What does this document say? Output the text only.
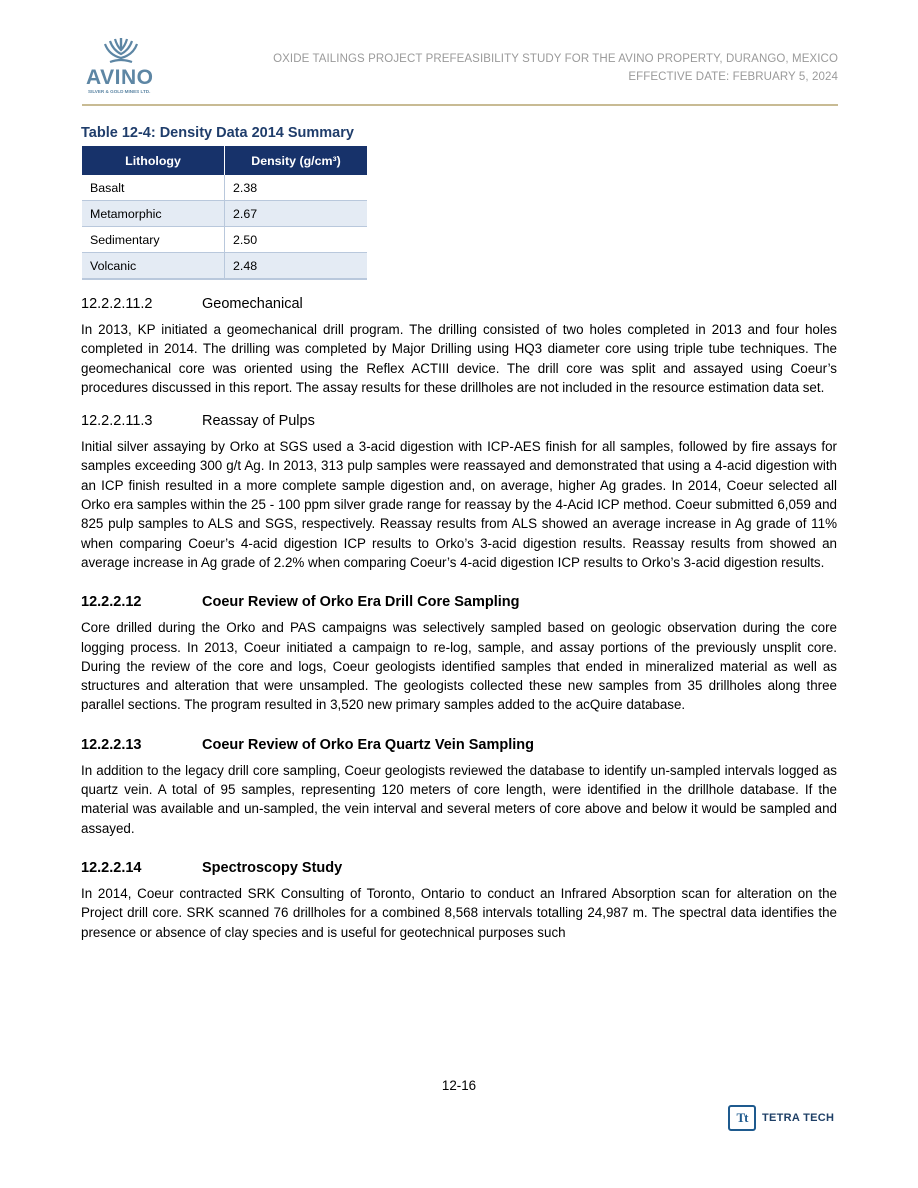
AVINO
SILVER & GOLD MINES LTD.
OXIDE TAILINGS PROJECT PREFEASIBILITY STUDY FOR THE AVINO PROPERTY, DURANGO, MEXICO
EFFECTIVE DATE: FEBRUARY 5, 2024
Table 12-4: Density Data 2014 Summary
Lithology	Density (g/cm³)
Basalt	2.38
Metamorphic	2.67
Sedimentary	2.50
Volcanic	2.48
12.2.2.11.2	Geomechanical

In 2013, KP initiated a geomechanical drill program. The drilling consisted of two holes completed in 2013 and four holes completed in 2014. The drilling was completed by Major Drilling using HQ3 diameter core using triple tube techniques. The geomechanical core was oriented using the Reflex ACTIII device. The drill core was split and assayed using Coeur’s procedures discussed in this report. The assay results for these drillholes are not included in the resource estimation data set.

12.2.2.11.3	Reassay of Pulps

Initial silver assaying by Orko at SGS used a 3-acid digestion with ICP-AES finish for all samples, followed by fire assays for samples exceeding 300 g/t Ag. In 2013, 313 pulp samples were reassayed and demonstrated that using a 4-acid digestion with an ICP finish resulted in a more complete sample digestion and, on average, higher Ag grades. In 2014, Coeur selected all Orko era samples within the 25 - 100 ppm silver grade range for reassay by the 4-Acid ICP method. Coeur submitted 6,059 and 825 pulp samples to ALS and SGS, respectively. Reassay results from ALS showed an average increase in Ag grade of 11% when comparing Coeur’s 4-acid digestion ICP results to Orko’s 3-acid digestion results. Reassay results from showed an average increase in Ag grade of 2.2% when comparing Coeur’s 4-acid digestion ICP results to Orko’s 3-acid digestion results.

12.2.2.12	Coeur Review of Orko Era Drill Core Sampling

Core drilled during the Orko and PAS campaigns was selectively sampled based on geologic observation during the core logging process. In 2013, Coeur initiated a campaign to re-log, sample, and assay portions of the previously unsplit core. During the review of the core and logs, Coeur geologists identified samples that ended in mineralized material as well as structures and alteration that were unsampled. The geologists collected these new samples from 35 drillholes along three parallel sections. The program resulted in 3,520 new primary samples added to the acQuire database.

12.2.2.13	Coeur Review of Orko Era Quartz Vein Sampling

In addition to the legacy drill core sampling, Coeur geologists reviewed the database to identify un-sampled intervals logged as quartz vein. A total of 95 samples, representing 120 meters of core length, were identified in the drillhole database. If the material was available and un-sampled, the vein interval and several meters of core above and below it would be sampled and assayed.

12.2.2.14	Spectroscopy Study

In 2014, Coeur contracted SRK Consulting of Toronto, Ontario to conduct an Infrared Absorption scan for alteration on the Project drill core. SRK scanned 76 drillholes for a combined 8,568 intervals totalling 24,987 m. The spectral data identifies the presence or absence of clay species and is useful for geotechnical purposes such

12-16
Tt	TETRA TECH
